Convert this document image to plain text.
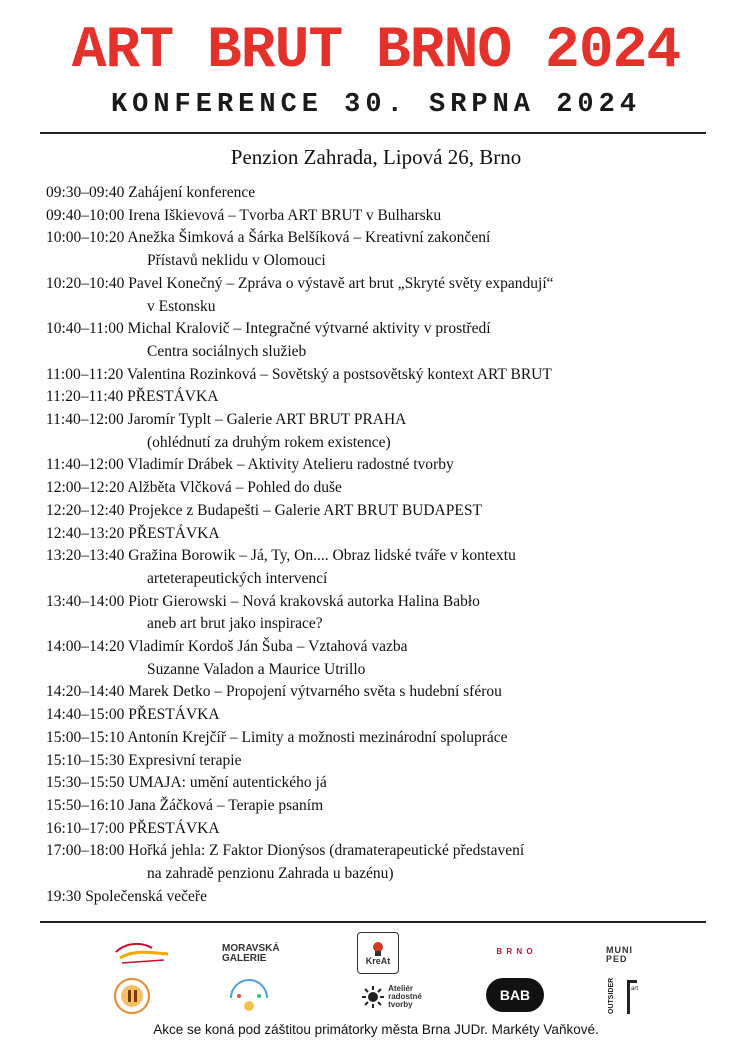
ART BRUT BRNO 2024
KONFERENCE 30. SRPNA 2024
Penzion Zahrada, Lipová 26, Brno
09:30–09:40 Zahájení konference
09:40–10:00 Irena Iškievová – Tvorba ART BRUT v Bulharsku
10:00–10:20 Anežka Šimková a Šárka Belšíková – Kreativní zakončení
Přístavů neklidu v Olomouci
10:20–10:40 Pavel Konečný – Zpráva o výstavě art brut „Skryté světy expandují“
v Estonsku
10:40–11:00 Michal Kralovič – Integračné výtvarné aktivity v prostředí
Centra sociálnych služieb
11:00–11:20 Valentina Rozinková – Sovětský a postsovětský kontext ART BRUT
11:20–11:40 PŘESTÁVKA
11:40–12:00 Jaromír Typlt – Galerie ART BRUT PRAHA
(ohlédnutí za druhým rokem existence)
11:40–12:00 Vladimír Drábek – Aktivity Atelieru radostné tvorby
12:00–12:20 Alžběta Vlčková – Pohled do duše
12:20–12:40 Projekce z Budapešti – Galerie ART BRUT BUDAPEST
12:40–13:20 PŘESTÁVKA
13:20–13:40 Gražina Borowik – Já, Ty, On.... Obraz lidské tváře v kontextu
arteterapeutických intervencí
13:40–14:00 Piotr Gierowski – Nová krakovská autorka Halina Babło
aneb art brut jako inspirace?
14:00–14:20 Vladimír Kordoš Ján Šuba – Vztahová vazba
Suzanne Valadon a Maurice Utrillo
14:20–14:40 Marek Detko – Propojení výtvarného světa s hudební sférou
14:40–15:00 PŘESTÁVKA
15:00–15:10 Antonín Krejčíř – Limity a možnosti mezinárodní spolupráce
15:10–15:30 Expresivní terapie
15:30–15:50 UMAJA: umění autentického já
15:50–16:10 Jana Žáčková – Terapie psaním
16:10–17:00 PŘESTÁVKA
17:00–18:00 Hořká jehla: Z Faktor Dionýsos (dramaterapeutické představení
na zahradě penzionu Zahrada u bazénu)
19:30 Společenská večeře
MORAVSKÁ
GALERIE	KreAt
B R N O	MUNI
PED
Ateliér
radostné
tvorby
BAB	OUTSIDER	art
Akce se koná pod záštitou primátorky města Brna JUDr. Markéty Vaňkové.
